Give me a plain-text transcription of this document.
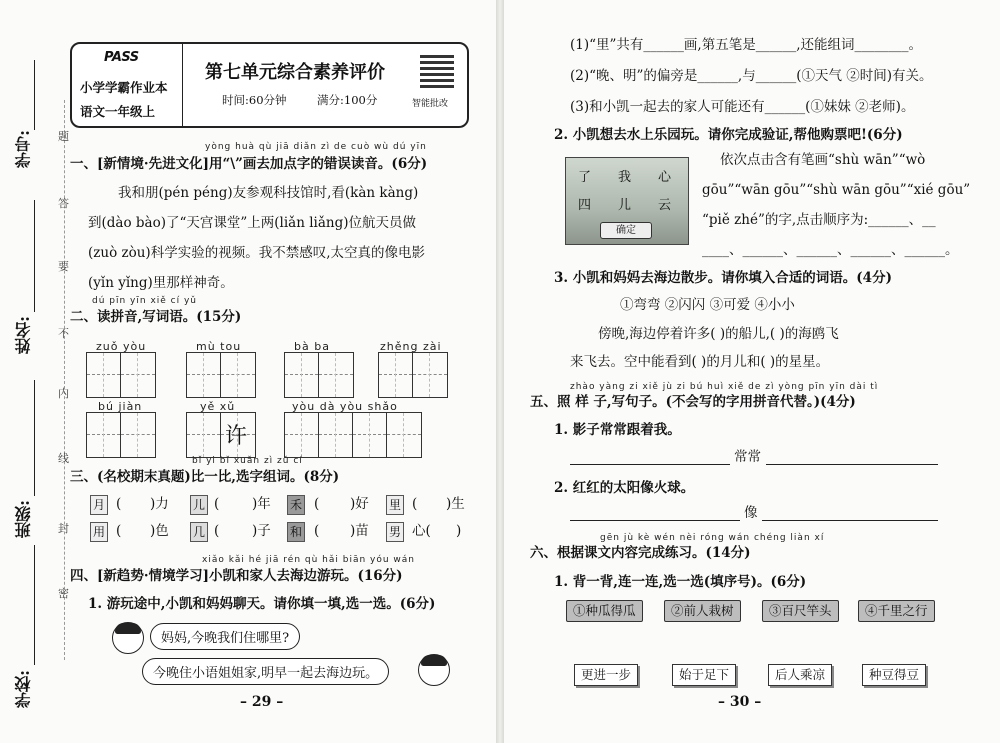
学号:
姓名:
班级:
学校:
题
答
要
不
内
线
封
密
PASS
小学学霸作业本
语文一年级上
第七单元综合素养评价
时间:60分钟	满分:100分	智能批改
yòng huà qù jiā diǎn zì de cuò wù dú yīn
一、[新情境·先进文化]用“\”画去加点字的错误读音。(6分)
我和朋(pén péng)友参观科技馆时,看(kàn kàng)
到(dào bào)了“天宫课堂”上两(liǎn liǎng)位航天员做
(zuò zòu)科学实验的视频。我不禁感叹,太空真的像电影
(yǐn yǐng)里那样神奇。
dú pīn yīn xiě cí yǔ
二、读拼音,写词语。(15分)
zuǒ yòu	mù tou	bà ba	zhěng zài
bú jiàn	yě xǔ
许
yòu dà yòu shǎo
bǐ yi bǐ xuǎn zì zǔ cí
三、(名校期末真题)比一比,选字组词。(8分)
月 ( )力 儿 ( )年 禾 ( )好 里 ( )生
用 ( )色 几 ( )子 和 ( )苗 男 心( )
xiǎo kǎi hé jiā rén qù hǎi biān yóu wán
四、[新趋势·情境学习]小凯和家人去海边游玩。(16分)
1. 游玩途中,小凯和妈妈聊天。请你填一填,选一选。(6分)
妈妈,今晚我们住哪里?
今晚住小语姐姐家,明早一起去海边玩。
– 29 –
(1)“里”共有______画,第五笔是______,还能组词________。
(2)“晚、明”的偏旁是______,与______(①天气 ②时间)有关。
(3)和小凯一起去的家人可能还有______(①妹妹 ②老师)。
2. 小凯想去水上乐园玩。请你完成验证,帮他购票吧!(6分)
了 我 心
四 儿 云
确定
依次点击含有笔画“shù wān”“wò
gōu”“wān gōu”“shù wān gōu”“xié gōu”
“piě zhé”的字,点击顺序为:______、__
____、______、______、______、______。
3. 小凯和妈妈去海边散步。请你填入合适的词语。(4分)
①弯弯 ②闪闪 ③可爱 ④小小
傍晚,海边停着许多( )的船儿,( )的海鸥飞
来飞去。空中能看到( )的月儿和( )的星星。
zhào yàng zi xiě jù zi bú huì xiě de zì yòng pīn yīn dài tì
五、照 样 子,写句子。(不会写的字用拼音代替。)(4分)
1. 影子常常跟着我。
常常
2. 红红的太阳像火球。
像
gēn jù kè wén nèi róng wán chéng liàn xí
六、根据课文内容完成练习。(14分)
1. 背一背,连一连,选一选(填序号)。(6分)
①种瓜得瓜	②前人栽树	③百尺竿头	④千里之行
更进一步	始于足下	后人乘凉	种豆得豆
– 30 –
